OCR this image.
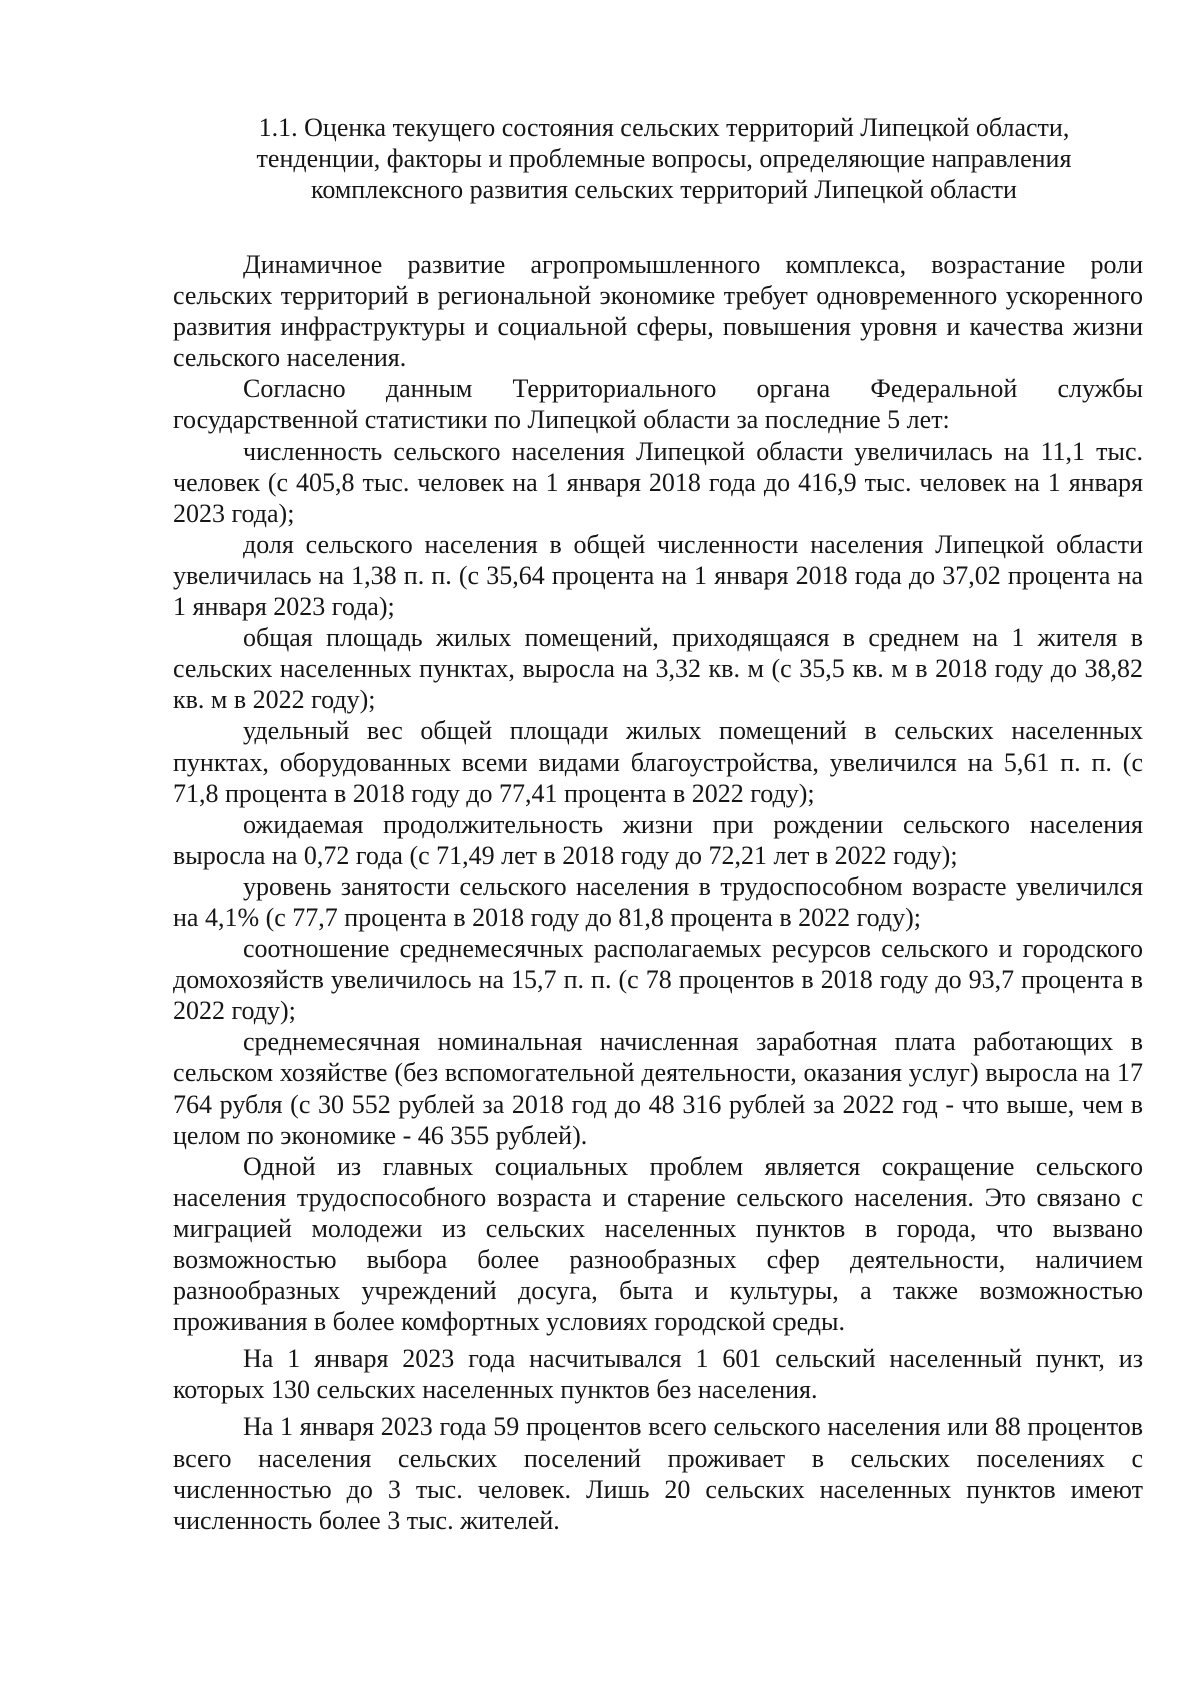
1.1. Оценка текущего состояния сельских территорий Липецкой области,
тенденции, факторы и проблемные вопросы, определяющие направления
комплексного развития сельских территорий Липецкой области

Динамичное развитие агропромышленного комплекса, возрастание роли сельских территорий в региональной экономике требует одновременного ускоренного развития инфраструктуры и социальной сферы, повышения уровня и качества жизни сельского населения.

Согласно данным Территориального органа Федеральной службы государственной статистики по Липецкой области за последние 5 лет:

численность сельского населения Липецкой области увеличилась на 11,1 тыс. человек (с 405,8 тыс. человек на 1 января 2018 года до 416,9 тыс. человек на 1 января 2023 года);

доля сельского населения в общей численности населения Липецкой области увеличилась на 1,38 п. п. (с 35,64 процента на 1 января 2018 года до 37,02 процента на 1 января 2023 года);

общая площадь жилых помещений, приходящаяся в среднем на 1 жителя в сельских населенных пунктах, выросла на 3,32 кв. м (с 35,5 кв. м в 2018 году до 38,82 кв. м в 2022 году);

удельный вес общей площади жилых помещений в сельских населенных пунктах, оборудованных всеми видами благоустройства, увеличился на 5,61 п. п. (с 71,8 процента в 2018 году до 77,41 процента в 2022 году);

ожидаемая продолжительность жизни при рождении сельского населения выросла на 0,72 года (с 71,49 лет в 2018 году до 72,21 лет в 2022 году);

уровень занятости сельского населения в трудоспособном возрасте увеличился на 4,1% (с 77,7 процента в 2018 году до 81,8 процента в 2022 году);

соотношение среднемесячных располагаемых ресурсов сельского и городского домохозяйств увеличилось на 15,7 п. п. (с 78 процентов в 2018 году до 93,7 процента в 2022 году);

среднемесячная номинальная начисленная заработная плата работающих в сельском хозяйстве (без вспомогательной деятельности, оказания услуг) выросла на 17 764 рубля (с 30 552 рублей за 2018 год до 48 316 рублей за 2022 год - что выше, чем в целом по экономике - 46 355 рублей).

Одной из главных социальных проблем является сокращение сельского населения трудоспособного возраста и старение сельского населения. Это связано с миграцией молодежи из сельских населенных пунктов в города, что вызвано возможностью выбора более разнообразных сфер деятельности, наличием разнообразных учреждений досуга, быта и культуры, а также возможностью проживания в более комфортных условиях городской среды.

На 1 января 2023 года насчитывался 1 601 сельский населенный пункт, из которых 130 сельских населенных пунктов без населения.

На 1 января 2023 года 59 процентов всего сельского населения или 88 процентов всего населения сельских поселений проживает в сельских поселениях с численностью до 3 тыс. человек. Лишь 20 сельских населенных пунктов имеют численность более 3 тыс. жителей.
